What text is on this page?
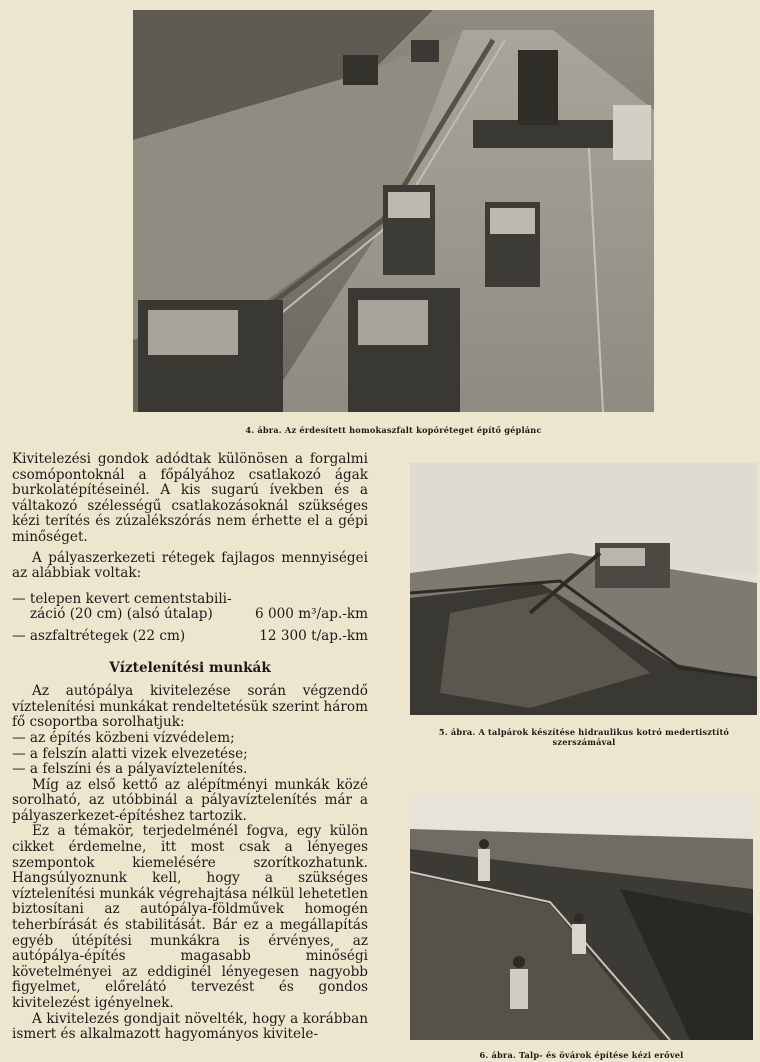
4. ábra. Az érdesített homokaszfalt kopóréteget építő géplánc
5. ábra. A talpárok készítése hidraulikus kotró medertisztító
szerszámával
6. ábra. Talp- és övárok építése kézi erővel

Kivitelezési gondok adódtak különösen a forgalmi csomópontoknál a főpályához csatlakozó ágak burkolatépítéseinél. A kis sugarú ívekben és a váltakozó szélességű csatlakozásoknál szükséges kézi terítés és zúzalékszórás nem érhette el a gépi minőséget.

A pályaszerkezeti rétegek fajlagos mennyiségei az alábbiak voltak:

— telepen kevert cementstabili-
záció (20 cm) (alsó útalap)	6 000 m³/ap.-km
— aszfaltrétegek (22 cm)	12 300 t/ap.-km
Víztelenítési munkák

Az autópálya kivitelezése során végzendő víztelenítési munkákat rendeltetésük szerint három fő csoportba sorolhatjuk:

— az építés közbeni vízvédelem;
— a felszín alatti vizek elvezetése;
— a felszíni és a pályavíztelenítés.

Míg az első kettő az alépítményi munkák közé sorolható, az utóbbinál a pályavíztelenítés már a pályaszerkezet-építéshez tartozik.

Ez a témakör, terjedelménél fogva, egy külön cikket érdemelne, itt most csak a lényeges szempontok kiemelésére szorítkozhatunk. Hangsúlyoznunk kell, hogy a szükséges víztelenítési munkák végrehajtása nélkül lehetetlen biztosítani az autópálya-földművek homogén teherbírását és stabilitását. Bár ez a megállapítás egyéb útépítési munkákra is érvényes, az autópálya-építés magasabb minőségi követelményei az eddiginél lényegesen nagyobb figyelmet, előrelátó tervezést és gondos kivitelezést igényelnek.

A kivitelezés gondjait növelték, hogy a korábban ismert és alkalmazott hagyományos kivitele-
